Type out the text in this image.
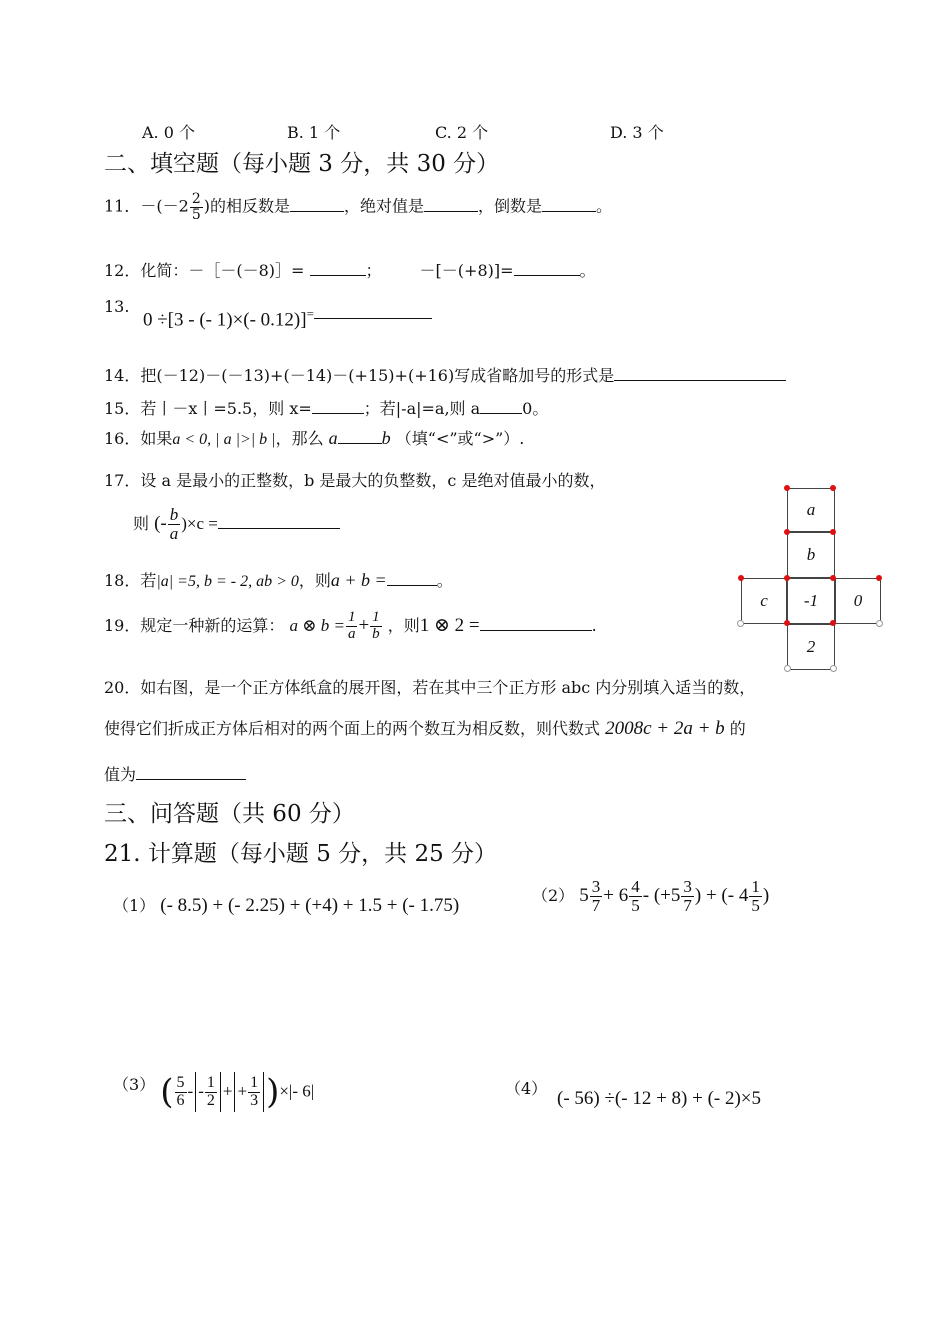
A. 0 个	B. 1 个	C. 2 个	D. 3 个
二、填空题（每小题 3 分，共 30 分）
11．$-(-2 \frac{2}{5}$ )的相反数是	，绝对值是	，倒数是	。
12．化简：－［－(－8)］=	； －[－(+8)]=	。
13.
0 ÷[3 - (- 1)×(- 0.12)]=
14．把(－12)－(－13)+(－14)－(+15)+(+16)写成省略加号的形式是
15．若丨－x丨=5.5，则 x=	；若|-a|=a,则 a	0。
16．如果a < 0, | a |>| b |，那么 a b （填“<”或“>”）.
17．设 a 是最小的正整数，b 是最大的负整数，c 是绝对值最小的数，
则 (- $\frac{b}{a} )\times c$ =
18．若|a| =5, b = - 2, ab > 0，则a + b =	。
19．规定一种新的运算： a ⊗ $b = \frac{1}{a} + \frac{1}{b}$ ，则1 ⊗ 2 =	.
a
b
c	-1	0
2
20．如右图，是一个正方体纸盒的展开图，若在其中三个正方形 abc 内分别填入适当的数，
使得它们折成正方体后相对的两个面上的两个数互为相反数，则代数式 2008c + 2a + b 的
值为
三、问答题（共 60 分）
21. 计算题（每小题 5 分，共 25 分）
（1） (- 8.5) + (- 2.25) + (+4) + 1.5 + (- 1.75)	（2） $5 \frac{3}{7} + 6 \frac{4}{5} - (+5 \frac{3}{7}$ ) + (- $4 \frac{1}{5}$ )
（3） ( $\frac{5}{6}$ - - $\frac{1}{2}$ + + $\frac{1}{3}$ )×|- 6|	（4） (- 56) ÷(- 12 + 8) + (- 2)×5
